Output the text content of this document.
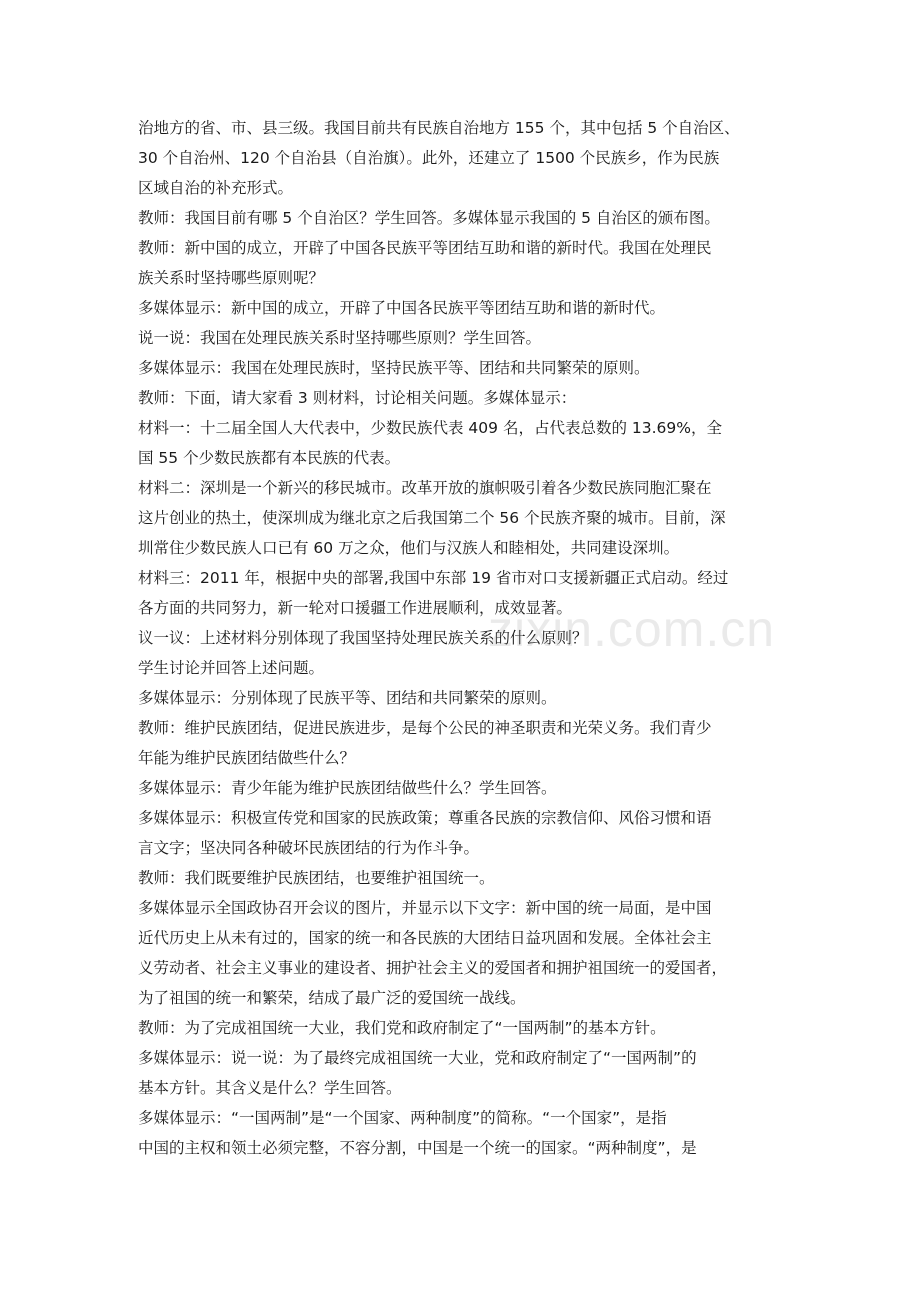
治地方的省、市、县三级。我国目前共有民族自治地方 155 个，其中包括 5 个自治区、
30 个自治州、120 个自治县（自治旗）。此外，还建立了 1500 个民族乡，作为民族
区域自治的补充形式。
教师：我国目前有哪 5 个自治区？学生回答。多媒体显示我国的 5 自治区的颁布图。
教师：新中国的成立，开辟了中国各民族平等团结互助和谐的新时代。我国在处理民
族关系时坚持哪些原则呢？
多媒体显示：新中国的成立，开辟了中国各民族平等团结互助和谐的新时代。
说一说：我国在处理民族关系时坚持哪些原则？学生回答。
多媒体显示：我国在处理民族时，坚持民族平等、团结和共同繁荣的原则。
教师：下面，请大家看 3 则材料，讨论相关问题。多媒体显示：
材料一：十二届全国人大代表中，少数民族代表 409 名，占代表总数的 13.69%，全
国 55 个少数民族都有本民族的代表。
材料二：深圳是一个新兴的移民城市。改革开放的旗帜吸引着各少数民族同胞汇聚在
这片创业的热土，使深圳成为继北京之后我国第二个 56 个民族齐聚的城市。目前，深
圳常住少数民族人口已有 60 万之众，他们与汉族人和睦相处，共同建设深圳。
材料三：2011 年，根据中央的部署,我国中东部 19 省市对口支援新疆正式启动。经过
各方面的共同努力，新一轮对口援疆工作进展顺利，成效显著。
议一议：上述材料分别体现了我国坚持处理民族关系的什么原则？
学生讨论并回答上述问题。
多媒体显示：分别体现了民族平等、团结和共同繁荣的原则。
教师：维护民族团结，促进民族进步，是每个公民的神圣职责和光荣义务。我们青少
年能为维护民族团结做些什么？
多媒体显示：青少年能为维护民族团结做些什么？学生回答。
多媒体显示：积极宣传党和国家的民族政策；尊重各民族的宗教信仰、风俗习惯和语
言文字；坚决同各种破坏民族团结的行为作斗争。
教师：我们既要维护民族团结，也要维护祖国统一。
多媒体显示全国政协召开会议的图片，并显示以下文字：新中国的统一局面，是中国
近代历史上从未有过的，国家的统一和各民族的大团结日益巩固和发展。全体社会主
义劳动者、社会主义事业的建设者、拥护社会主义的爱国者和拥护祖国统一的爱国者，
为了祖国的统一和繁荣，结成了最广泛的爱国统一战线。
教师：为了完成祖国统一大业，我们党和政府制定了“一国两制”的基本方针。
多媒体显示：说一说：为了最终完成祖国统一大业，党和政府制定了“一国两制”的
基本方针。其含义是什么？学生回答。
多媒体显示：“一国两制”是“一个国家、两种制度”的简称。“一个国家”，是指
中国的主权和领土必须完整，不容分割，中国是一个统一的国家。“两种制度”，是
zixin.com.cn
